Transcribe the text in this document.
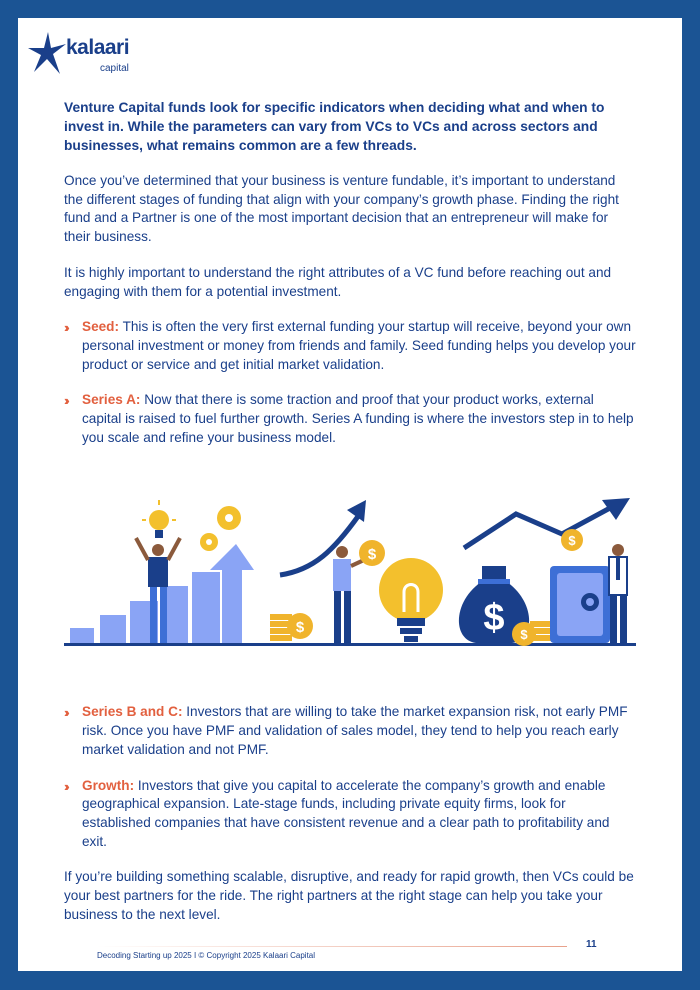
kalaari
capital

Venture Capital funds look for specific indicators when deciding what and when to invest in. While the parameters can vary from VCs to VCs and across sectors and businesses, what remains common are a few threads.

Once you’ve determined that your business is venture fundable, it’s important to understand the different stages of funding that align with your company’s growth phase. Finding the right fund and a Partner is one of the most important decision that an entrepreneur will make for their business.

It is highly important to understand the right attributes of a VC fund before reaching out and engaging with them for a potential investment.

›› Seed: This is often the very first external funding your startup will receive, beyond your own personal investment or money from friends and family. Seed funding helps you develop your product or service and get initial market validation.
›› Series A: Now that there is some traction and proof that your product works, external capital is raised to fuel further growth. Series A funding is where the investors step in to help you scale and refine your business model.
›› Series B and C: Investors that are willing to take the market expansion risk, not early PMF risk. Once you have PMF and validation of sales model, they tend to help you reach early market validation and not PMF.
›› Growth: Investors that give you capital to accelerate the company’s growth and enable geographical expansion. Late-stage funds, including private equity firms, look for established companies that have consistent revenue and a clear path to profitability and exit.

If you’re building something scalable, disruptive, and ready for rapid growth, then VCs could be your best partners for the ride. The right partners at the right stage can help you take your business to the next level.

$
$
$ $
$
11
Decoding Starting up 2025 I © Copyright 2025 Kalaari Capital
